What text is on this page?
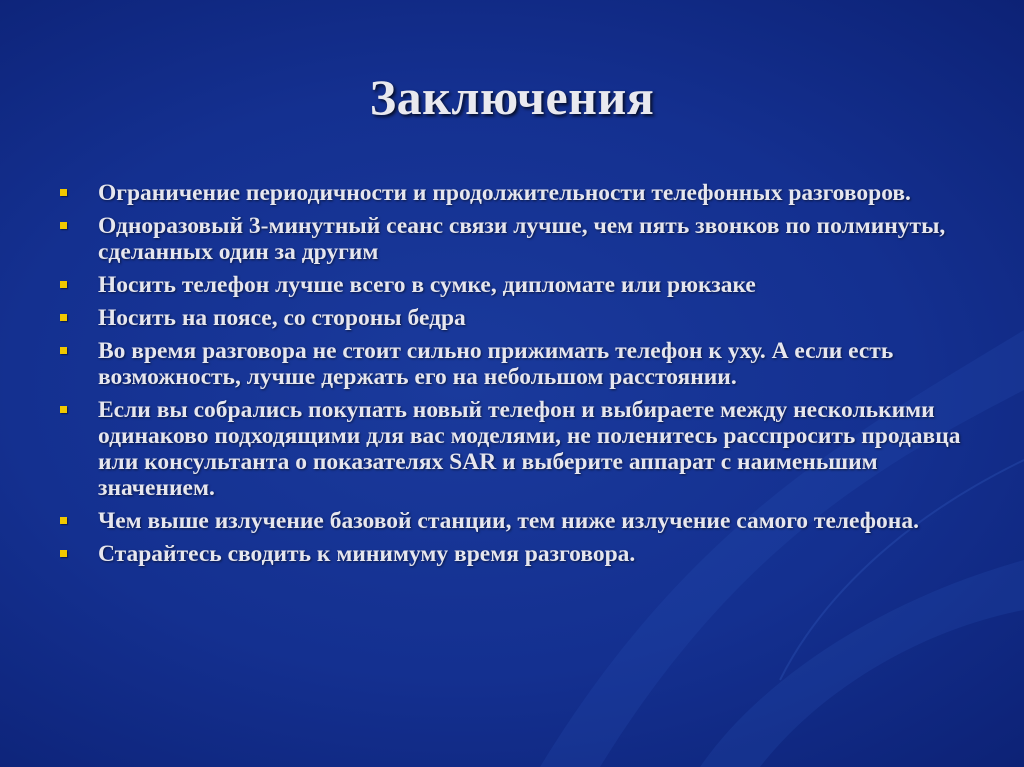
Заключения
Ограничение периодичности и продолжительности телефонных разговоров.
Одноразовый 3-минутный сеанс связи лучше, чем пять звонков по полминуты, сделанных один за другим
Носить телефон лучше всего в сумке, дипломате или рюкзаке
Носить на поясе, со стороны бедра
Во время разговора не стоит сильно прижимать телефон к уху. А если есть возможность, лучше держать его на небольшом расстоянии.
Если вы собрались покупать новый телефон и выбираете между несколькими одинаково подходящими для вас моделями, не поленитесь расспросить продавца или консультанта о показателях SAR и выберите аппарат с наименьшим значением.
Чем выше излучение базовой станции, тем ниже излучение самого телефона.
Старайтесь сводить к минимуму время разговора.
